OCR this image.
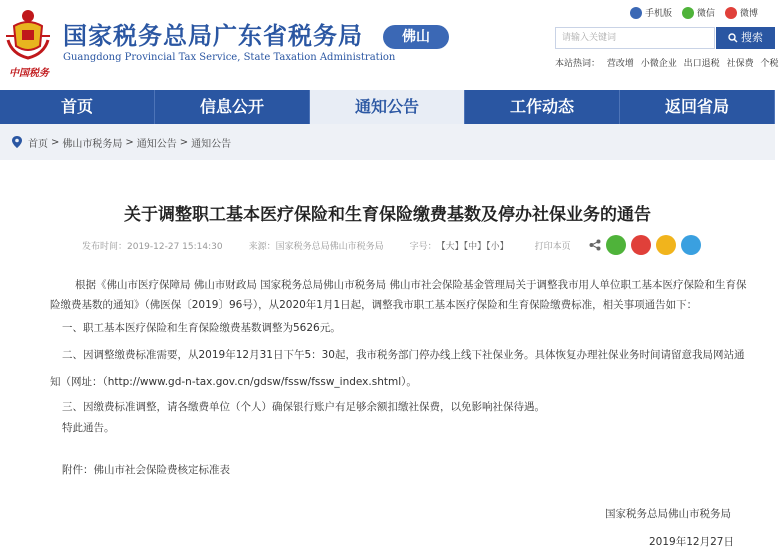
中国税务
国家税务总局广东省税务局
Guangdong Provincial Tax Service, State Taxation Administration
佛山
手机版	微信	微博
请输入关键词	搜索
本站热词： 营改增 小微企业 出口退税 社保费 个税
首页	信息公开	通知公告	工作动态	返回省局
首页 > 佛山市税务局 > 通知公告 > 通知公告
关于调整职工基本医疗保险和生育保险缴费基数及停办社保业务的通告
发布时间：2019-12-27 15:14:30	来源：国家税务总局佛山市税务局	字号： 【大】【中】【小】	打印本页
根据《佛山市医疗保障局 佛山市财政局 国家税务总局佛山市税务局 佛山市社会保险基金管理局关于调整我市用人单位职工基本医疗保险和生育保
险缴费基数的通知》（佛医保〔2019〕96号），从2020年1月1日起，调整我市职工基本医疗保险和生育保险缴费标准，相关事项通告如下：
一、职工基本医疗保险和生育保险缴费基数调整为5626元。
二、因调整缴费标准需要，从2019年12月31日下午5：30起，我市税务部门停办线上线下社保业务。具体恢复办理社保业务时间请留意我局网站通
知（网址：（http://www.gd-n-tax.gov.cn/gdsw/fssw/fssw_index.shtml）。
三、因缴费标准调整，请各缴费单位（个人）确保银行账户有足够余额扣缴社保费，以免影响社保待遇。
特此通告。
附件：佛山市社会保险费核定标准表
国家税务总局佛山市税务局
2019年12月27日
